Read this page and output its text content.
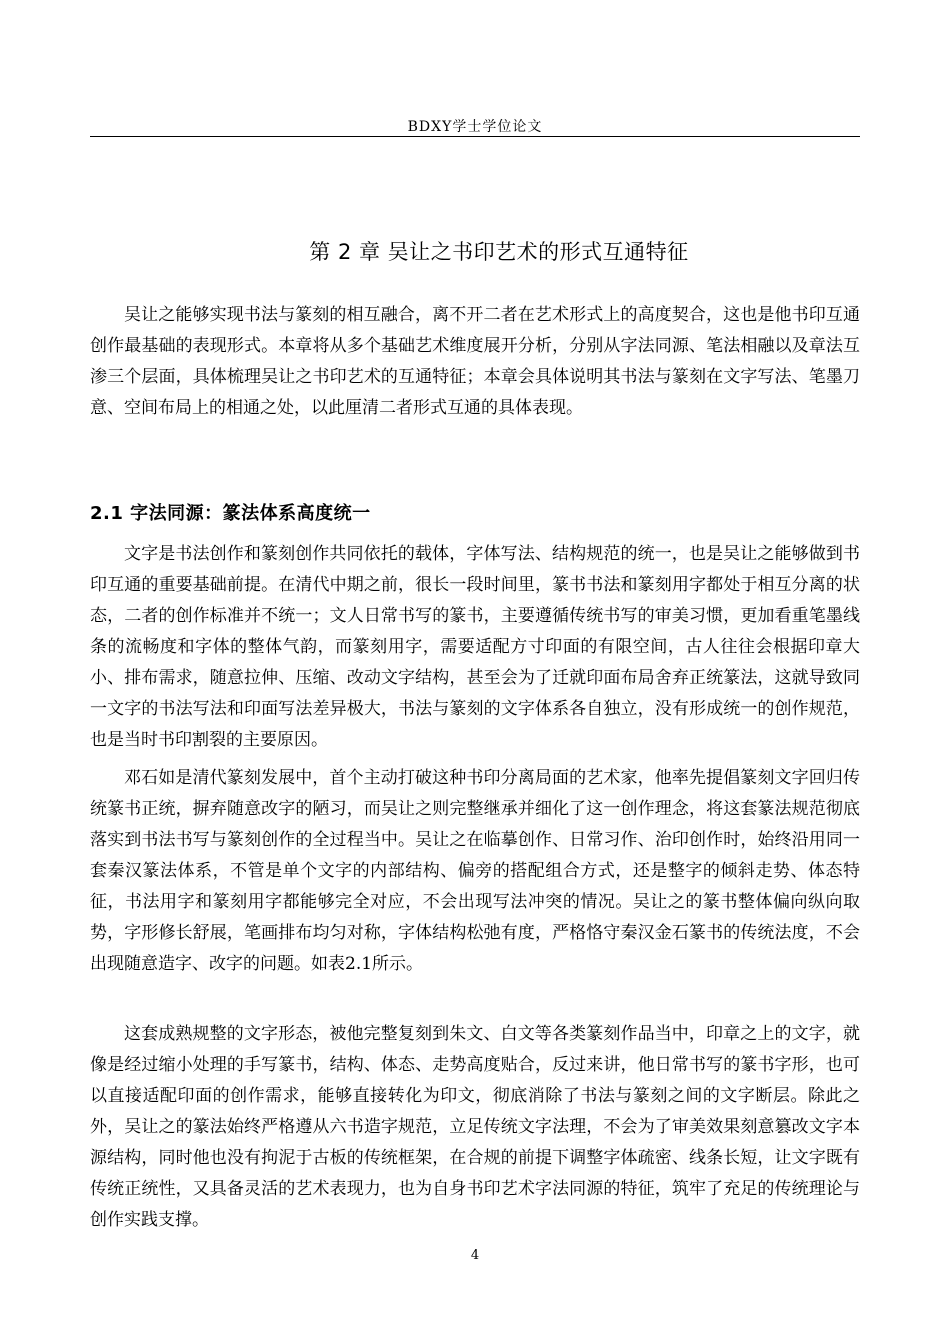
BDXY学士学位论文
第 2 章 吴让之书印艺术的形式互通特征

吴让之能够实现书法与篆刻的相互融合，离不开二者在艺术形式上的高度契合，这也是他书印互通创作最基础的表现形式。本章将从多个基础艺术维度展开分析，分别从字法同源、笔法相融以及章法互渗三个层面，具体梳理吴让之书印艺术的互通特征；本章会具体说明其书法与篆刻在文字写法、笔墨刀意、空间布局上的相通之处，以此厘清二者形式互通的具体表现。

2.1 字法同源：篆法体系高度统一

文字是书法创作和篆刻创作共同依托的载体，字体写法、结构规范的统一，也是吴让之能够做到书印互通的重要基础前提。在清代中期之前，很长一段时间里，篆书书法和篆刻用字都处于相互分离的状态，二者的创作标准并不统一；文人日常书写的篆书，主要遵循传统书写的审美习惯，更加看重笔墨线条的流畅度和字体的整体气韵，而篆刻用字，需要适配方寸印面的有限空间，古人往往会根据印章大小、排布需求，随意拉伸、压缩、改动文字结构，甚至会为了迁就印面布局舍弃正统篆法，这就导致同一文字的书法写法和印面写法差异极大，书法与篆刻的文字体系各自独立，没有形成统一的创作规范，也是当时书印割裂的主要原因。

邓石如是清代篆刻发展中，首个主动打破这种书印分离局面的艺术家，他率先提倡篆刻文字回归传统篆书正统，摒弃随意改字的陋习，而吴让之则完整继承并细化了这一创作理念，将这套篆法规范彻底落实到书法书写与篆刻创作的全过程当中。吴让之在临摹创作、日常习作、治印创作时，始终沿用同一套秦汉篆法体系，不管是单个文字的内部结构、偏旁的搭配组合方式，还是整字的倾斜走势、体态特征，书法用字和篆刻用字都能够完全对应，不会出现写法冲突的情况。吴让之的篆书整体偏向纵向取势，字形修长舒展，笔画排布均匀对称，字体结构松弛有度，严格恪守秦汉金石篆书的传统法度，不会出现随意造字、改字的问题。如表2.1所示。

这套成熟规整的文字形态，被他完整复刻到朱文、白文等各类篆刻作品当中，印章之上的文字，就像是经过缩小处理的手写篆书，结构、体态、走势高度贴合，反过来讲，他日常书写的篆书字形，也可以直接适配印面的创作需求，能够直接转化为印文，彻底消除了书法与篆刻之间的文字断层。除此之外，吴让之的篆法始终严格遵从六书造字规范，立足传统文字法理，不会为了审美效果刻意篡改文字本源结构，同时他也没有拘泥于古板的传统框架，在合规的前提下调整字体疏密、线条长短，让文字既有传统正统性，又具备灵活的艺术表现力，也为自身书印艺术字法同源的特征，筑牢了充足的传统理论与创作实践支撑。

4
